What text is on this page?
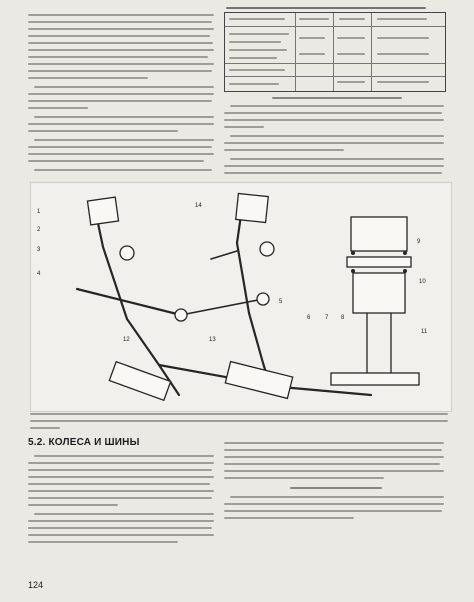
1
2
3
4
5
6 7 8
9
10
11
12	13
14
5.2. КОЛЕСА И ШИНЫ
124
